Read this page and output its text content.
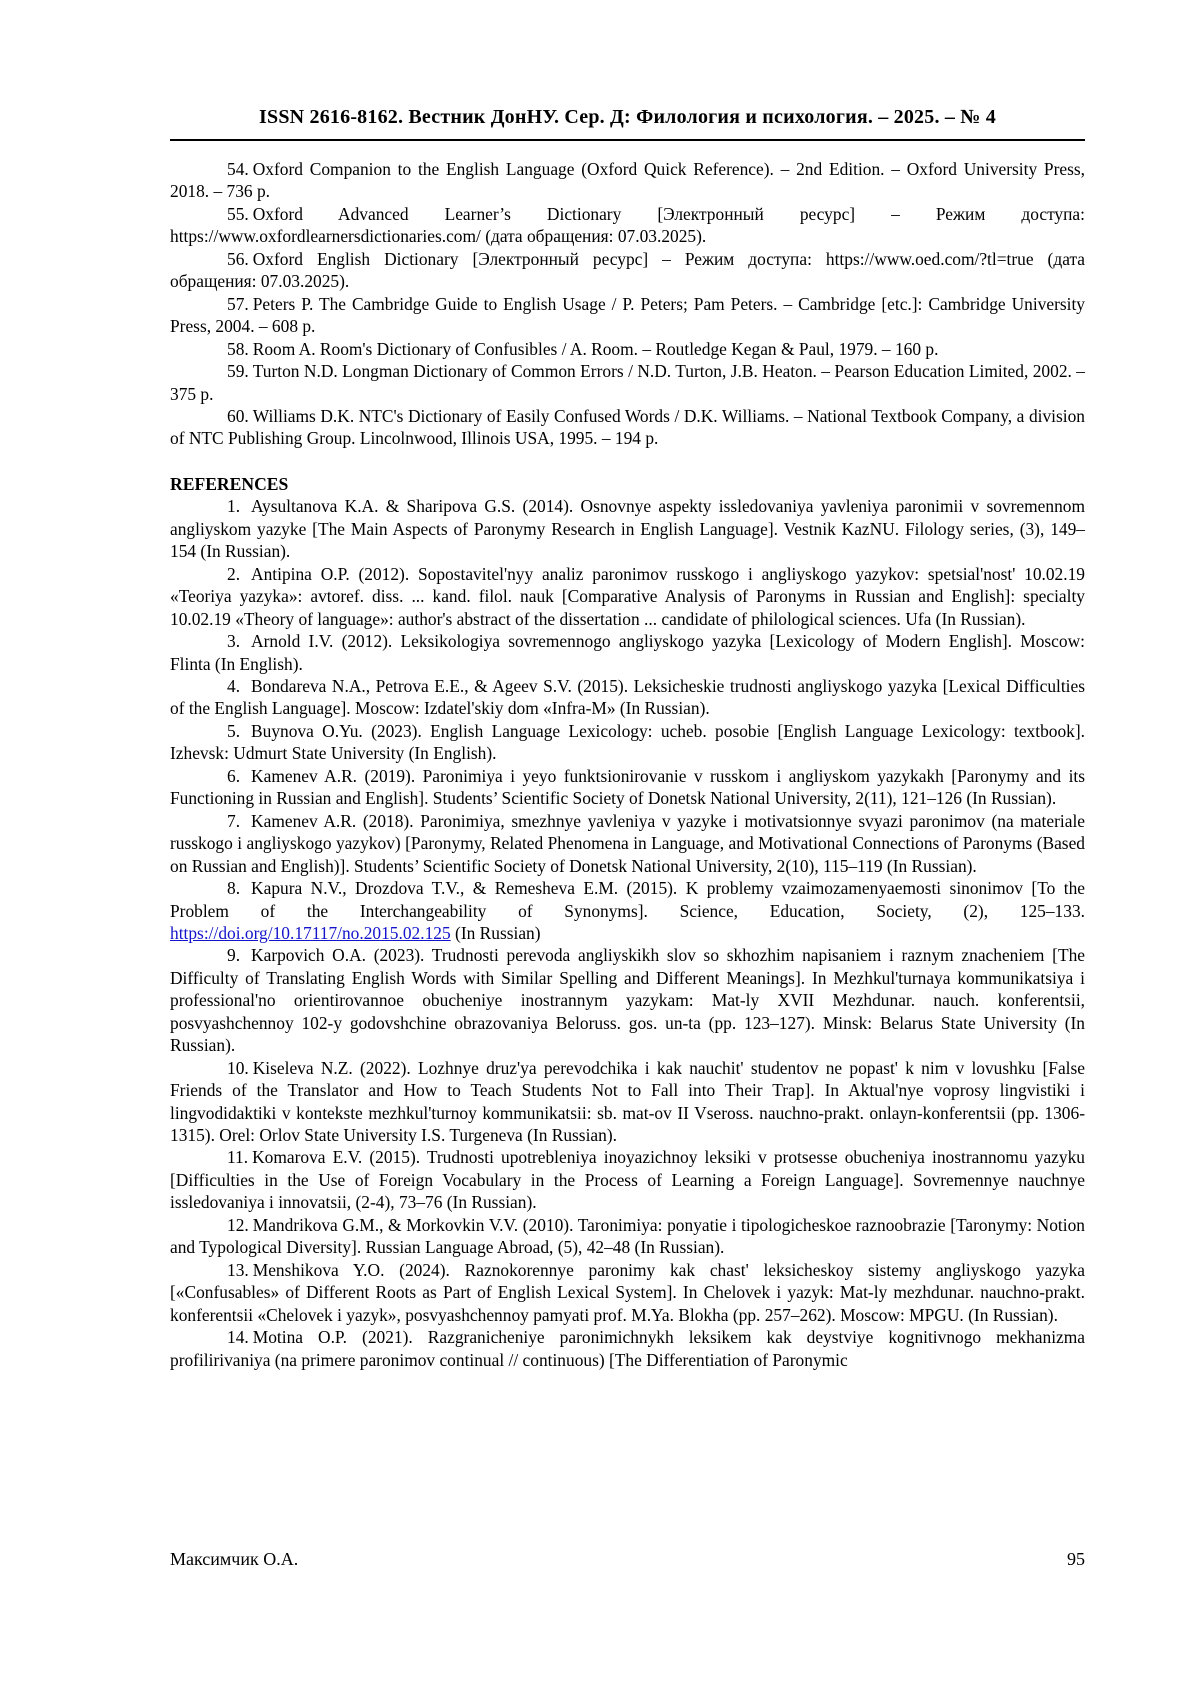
ISSN 2616-8162. Вестник ДонНУ. Сер. Д: Филология и психология. – 2025. – № 4

54. Oxford Companion to the English Language (Oxford Quick Reference). – 2nd Edition. – Oxford University Press, 2018. – 736 p.

55. Oxford Advanced Learner’s Dictionary [Электронный ресурс] – Режим доступа: https://www.oxfordlearnersdictionaries.com/ (дата обращения: 07.03.2025).

56. Oxford English Dictionary [Электронный ресурс] – Режим доступа: https://www.oed.com/?tl=true (дата обращения: 07.03.2025).

57. Peters P. The Cambridge Guide to English Usage / P. Peters; Pam Peters. – Cambridge [etc.]: Cambridge University Press, 2004. – 608 p.

58. Room A. Room's Dictionary of Confusibles / A. Room. – Routledge Kegan & Paul, 1979. – 160 p.

59. Turton N.D. Longman Dictionary of Common Errors / N.D. Turton, J.B. Heaton. – Pearson Education Limited, 2002. – 375 p.

60. Williams D.K. NTC's Dictionary of Easily Confused Words / D.K. Williams. – National Textbook Company, a division of NTC Publishing Group. Lincolnwood, Illinois USA, 1995. – 194 p.

REFERENCES

1. Aysultanova K.A. & Sharipova G.S. (2014). Osnovnye aspekty issledovaniya yavleniya paronimii v sovremennom angliyskom yazyke [The Main Aspects of Paronymy Research in English Language]. Vestnik KazNU. Filology series, (3), 149–154 (In Russian).

2. Antipina O.P. (2012). Sopostavitel'nyy analiz paronimov russkogo i angliyskogo yazykov: spetsial'nost' 10.02.19 «Teoriya yazyka»: avtoref. diss. ... kand. filol. nauk [Comparative Analysis of Paronyms in Russian and English]: specialty 10.02.19 «Theory of language»: author's abstract of the dissertation ... candidate of philological sciences. Ufa (In Russian).

3. Arnold I.V. (2012). Leksikologiya sovremennogo angliyskogo yazyka [Lexicology of Modern English]. Moscow: Flinta (In English).

4. Bondareva N.A., Petrova E.E., & Ageev S.V. (2015). Leksicheskie trudnosti angliyskogo yazyka [Lexical Difficulties of the English Language]. Moscow: Izdatel'skiy dom «Infra-M» (In Russian).

5. Buynova O.Yu. (2023). English Language Lexicology: ucheb. posobie [English Language Lexicology: textbook]. Izhevsk: Udmurt State University (In English).

6. Kamenev A.R. (2019). Paronimiya i yeyo funktsionirovanie v russkom i angliyskom yazykakh [Paronymy and its Functioning in Russian and English]. Students’ Scientific Society of Donetsk National University, 2(11), 121–126 (In Russian).

7. Kamenev A.R. (2018). Paronimiya, smezhnye yavleniya v yazyke i motivatsionnye svyazi paronimov (na materiale russkogo i angliyskogo yazykov) [Paronymy, Related Phenomena in Language, and Motivational Connections of Paronyms (Based on Russian and English)]. Students’ Scientific Society of Donetsk National University, 2(10), 115–119 (In Russian).

8. Kapura N.V., Drozdova T.V., & Remesheva E.M. (2015). K problemy vzaimozamenyaemosti sinonimov [To the Problem of the Interchangeability of Synonyms]. Science, Education, Society, (2), 125–133. https://doi.org/10.17117/no.2015.02.125 (In Russian)

9. Karpovich O.A. (2023). Trudnosti perevoda angliyskikh slov so skhozhim napisaniem i raznym znacheniem [The Difficulty of Translating English Words with Similar Spelling and Different Meanings]. In Mezhkul'turnaya kommunikatsiya i professional'no orientirovannoe obucheniye inostrannym yazykam: Mat-ly XVII Mezhdunar. nauch. konferentsii, posvyashchennoy 102-y godovshchine obrazovaniya Beloruss. gos. un-ta (pp. 123–127). Minsk: Belarus State University (In Russian).

10. Kiseleva N.Z. (2022). Lozhnye druz'ya perevodchika i kak nauchit' studentov ne popast' k nim v lovushku [False Friends of the Translator and How to Teach Students Not to Fall into Their Trap]. In Aktual'nye voprosy lingvistiki i lingvodidaktiki v kontekste mezhkul'turnoy kommunikatsii: sb. mat-ov II Vseross. nauchno-prakt. onlayn-konferentsii (pp. 1306-1315). Orel: Orlov State University I.S. Turgeneva (In Russian).

11. Komarova E.V. (2015). Trudnosti upotrebleniya inoyazichnoy leksiki v protsesse obucheniya inostrannomu yazyku [Difficulties in the Use of Foreign Vocabulary in the Process of Learning a Foreign Language]. Sovremennye nauchnye issledovaniya i innovatsii, (2-4), 73–76 (In Russian).

12. Mandrikova G.M., & Morkovkin V.V. (2010). Taronimiya: ponyatie i tipologicheskoe raznoobrazie [Taronymy: Notion and Typological Diversity]. Russian Language Abroad, (5), 42–48 (In Russian).

13. Menshikova Y.O. (2024). Raznokorennye paronimy kak chast' leksicheskoy sistemy angliyskogo yazyka [«Confusables» of Different Roots as Part of English Lexical System]. In Chelovek i yazyk: Mat-ly mezhdunar. nauchno-prakt. konferentsii «Chelovek i yazyk», posvyashchennoy pamyati prof. M.Ya. Blokha (pp. 257–262). Moscow: MPGU. (In Russian).

14. Motina O.P. (2021). Razgranicheniye paronimichnykh leksikem kak deystviye kognitivnogo mekhanizma profilirivaniya (na primere paronimov continual // continuous) [The Differentiation of Paronymic

Максимчик О.А.	95
